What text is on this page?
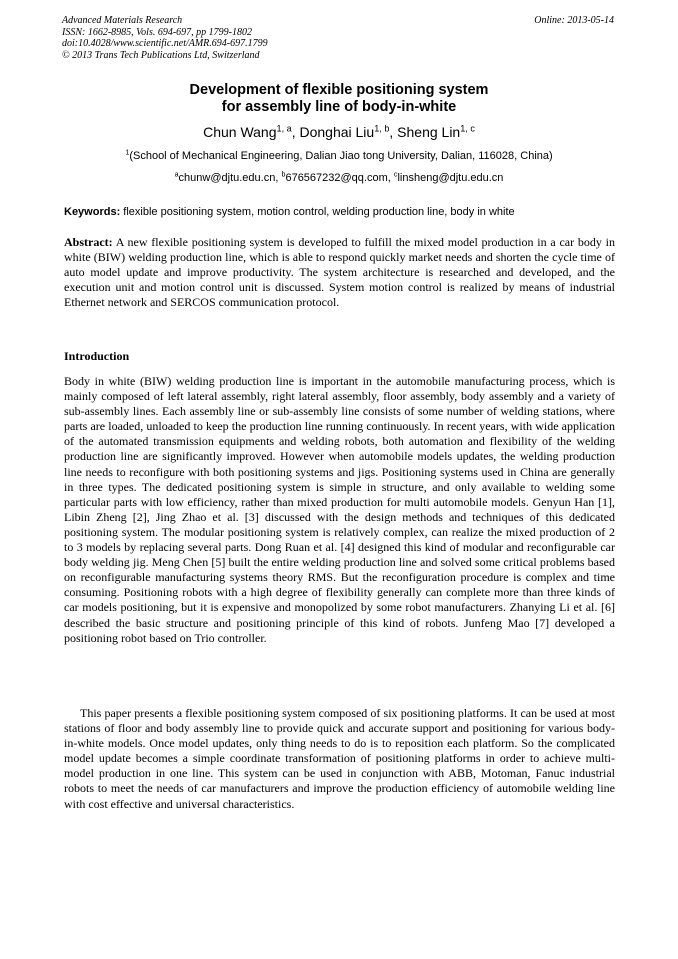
Advanced Materials Research
ISSN: 1662-8985, Vols. 694-697, pp 1799-1802
doi:10.4028/www.scientific.net/AMR.694-697.1799
© 2013 Trans Tech Publications Ltd, Switzerland
Online: 2013-05-14
Development of flexible positioning system
for assembly line of body-in-white
Chun Wang$^{1, a}$, Donghai Liu$^{1, b}$, Sheng Lin$^{1, c}$
$^1$(School of Mechanical Engineering, Dalian Jiao tong University, Dalian, 116028, China)
$^a$chunw@djtu.edu.cn, $^b$676567232@qq.com, $^c$linsheng@djtu.edu.cn
Keywords: flexible positioning system, motion control, welding production line, body in white
Abstract: A new flexible positioning system is developed to fulfill the mixed model production in a car body in white (BIW) welding production line, which is able to respond quickly market needs and shorten the cycle time of auto model update and improve productivity. The system architecture is researched and developed, and the execution unit and motion control unit is discussed. System motion control is realized by means of industrial Ethernet network and SERCOS communication protocol.
Introduction
Body in white (BIW) welding production line is important in the automobile manufacturing process, which is mainly composed of left lateral assembly, right lateral assembly, floor assembly, body assembly and a variety of sub-assembly lines. Each assembly line or sub-assembly line consists of some number of welding stations, where parts are loaded, unloaded to keep the production line running continuously. In recent years, with wide application of the automated transmission equipments and welding robots, both automation and flexibility of the welding production line are significantly improved. However when automobile models updates, the welding production line needs to reconfigure with both positioning systems and jigs. Positioning systems used in China are generally in three types. The dedicated positioning system is simple in structure, and only available to welding some particular parts with low efficiency, rather than mixed production for multi automobile models. Genyun Han [1], Libin Zheng [2], Jing Zhao et al. [3] discussed with the design methods and techniques of this dedicated positioning system. The modular positioning system is relatively complex, can realize the mixed production of 2 to 3 models by replacing several parts. Dong Ruan et al. [4] designed this kind of modular and reconfigurable car body welding jig. Meng Chen [5] built the entire welding production line and solved some critical problems based on reconfigurable manufacturing systems theory RMS. But the reconfiguration procedure is complex and time consuming. Positioning robots with a high degree of flexibility generally can complete more than three kinds of car models positioning, but it is expensive and monopolized by some robot manufacturers. Zhanying Li et al. [6] described the basic structure and positioning principle of this kind of robots. Junfeng Mao [7] developed a positioning robot based on Trio controller.
This paper presents a flexible positioning system composed of six positioning platforms. It can be used at most stations of floor and body assembly line to provide quick and accurate support and positioning for various body-in-white models. Once model updates, only thing needs to do is to reposition each platform. So the complicated model update becomes a simple coordinate transformation of positioning platforms in order to achieve multi-model production in one line. This system can be used in conjunction with ABB, Motoman, Fanuc industrial robots to meet the needs of car manufacturers and improve the production efficiency of automobile welding line with cost effective and universal characteristics.
